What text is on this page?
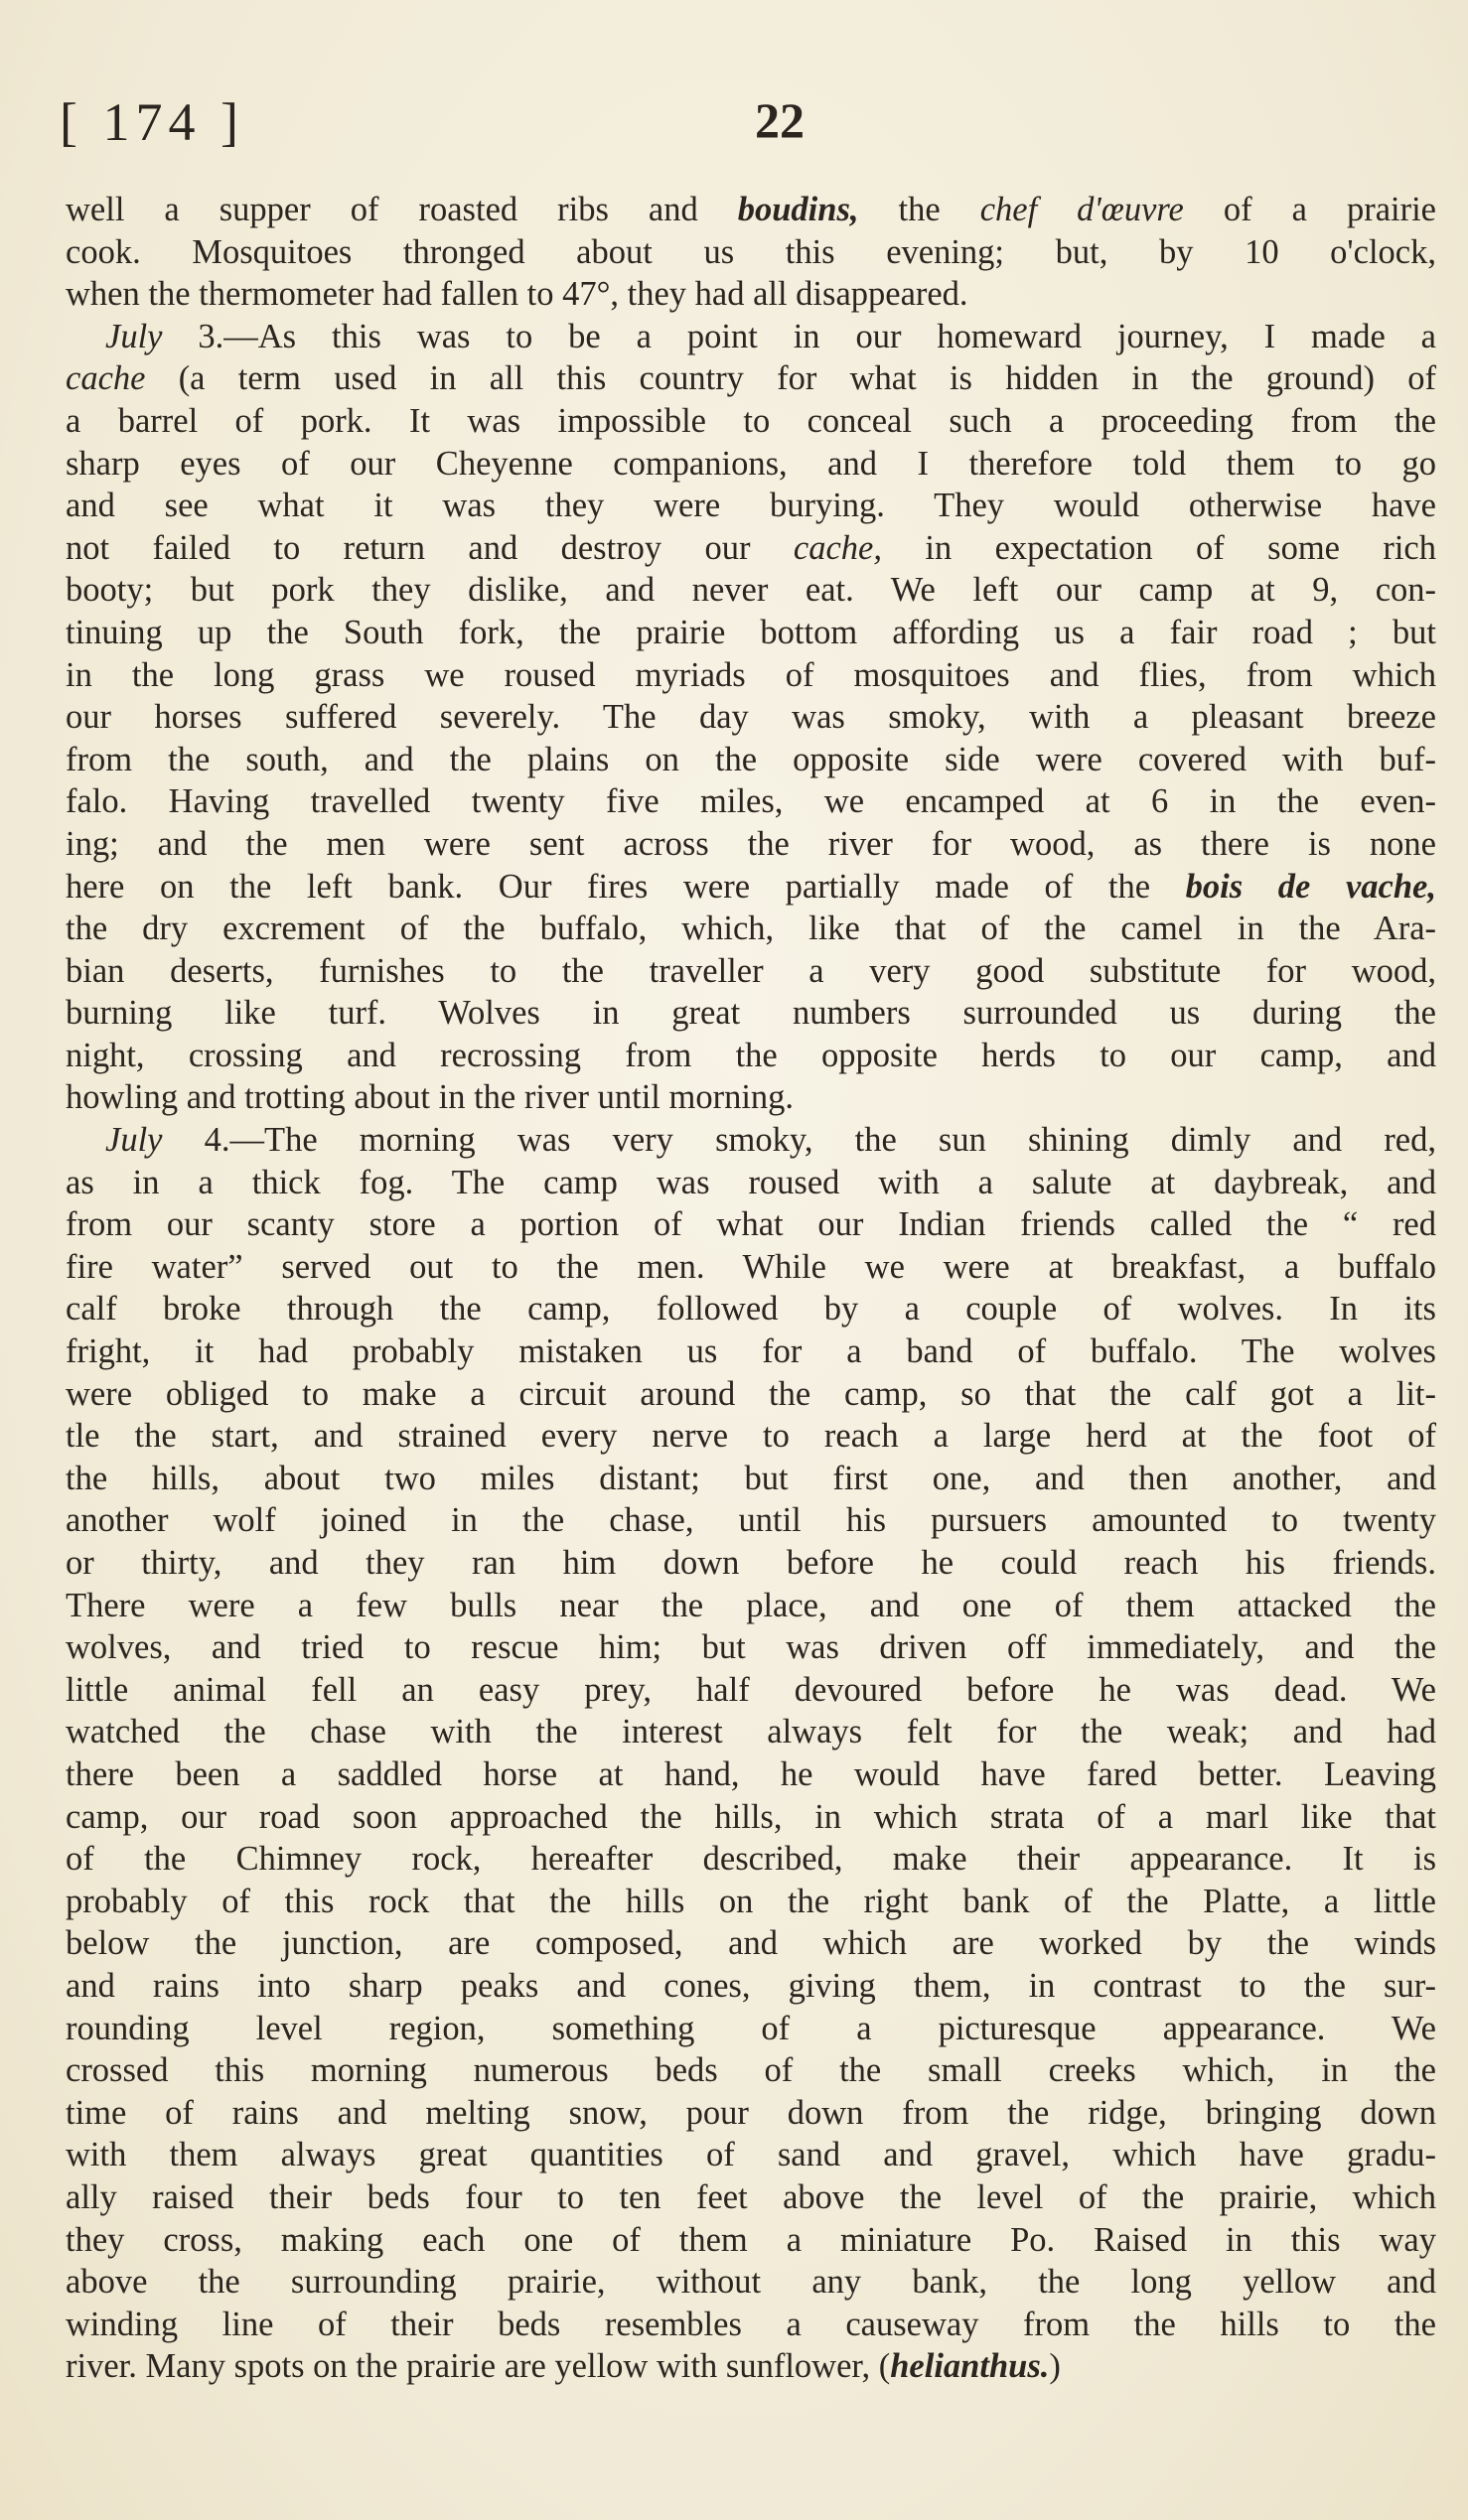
[ 174 ]	22
well a supper of roasted ribs and boudins, the chef d'œuvre of a prairie
cook. Mosquitoes thronged about us this evening; but, by 10 o'clock,
when the thermometer had fallen to 47°, they had all disappeared.
July 3.—As this was to be a point in our homeward journey, I made a
cache (a term used in all this country for what is hidden in the ground) of
a barrel of pork. It was impossible to conceal such a proceeding from the
sharp eyes of our Cheyenne companions, and I therefore told them to go
and see what it was they were burying. They would otherwise have
not failed to return and destroy our cache, in expectation of some rich
booty; but pork they dislike, and never eat. We left our camp at 9, con-
tinuing up the South fork, the prairie bottom affording us a fair road ; but
in the long grass we roused myriads of mosquitoes and flies, from which
our horses suffered severely. The day was smoky, with a pleasant breeze
from the south, and the plains on the opposite side were covered with buf-
falo. Having travelled twenty five miles, we encamped at 6 in the even-
ing; and the men were sent across the river for wood, as there is none
here on the left bank. Our fires were partially made of the bois de vache,
the dry excrement of the buffalo, which, like that of the camel in the Ara-
bian deserts, furnishes to the traveller a very good substitute for wood,
burning like turf. Wolves in great numbers surrounded us during the
night, crossing and recrossing from the opposite herds to our camp, and
howling and trotting about in the river until morning.
July 4.—The morning was very smoky, the sun shining dimly and red,
as in a thick fog. The camp was roused with a salute at daybreak, and
from our scanty store a portion of what our Indian friends called the “ red
fire water” served out to the men. While we were at breakfast, a buffalo
calf broke through the camp, followed by a couple of wolves. In its
fright, it had probably mistaken us for a band of buffalo. The wolves
were obliged to make a circuit around the camp, so that the calf got a lit-
tle the start, and strained every nerve to reach a large herd at the foot of
the hills, about two miles distant; but first one, and then another, and
another wolf joined in the chase, until his pursuers amounted to twenty
or thirty, and they ran him down before he could reach his friends.
There were a few bulls near the place, and one of them attacked the
wolves, and tried to rescue him; but was driven off immediately, and the
little animal fell an easy prey, half devoured before he was dead. We
watched the chase with the interest always felt for the weak; and had
there been a saddled horse at hand, he would have fared better. Leaving
camp, our road soon approached the hills, in which strata of a marl like that
of the Chimney rock, hereafter described, make their appearance. It is
probably of this rock that the hills on the right bank of the Platte, a little
below the junction, are composed, and which are worked by the winds
and rains into sharp peaks and cones, giving them, in contrast to the sur-
rounding level region, something of a picturesque appearance. We
crossed this morning numerous beds of the small creeks which, in the
time of rains and melting snow, pour down from the ridge, bringing down
with them always great quantities of sand and gravel, which have gradu-
ally raised their beds four to ten feet above the level of the prairie, which
they cross, making each one of them a miniature Po. Raised in this way
above the surrounding prairie, without any bank, the long yellow and
winding line of their beds resembles a causeway from the hills to the
river. Many spots on the prairie are yellow with sunflower, (helianthus.)
